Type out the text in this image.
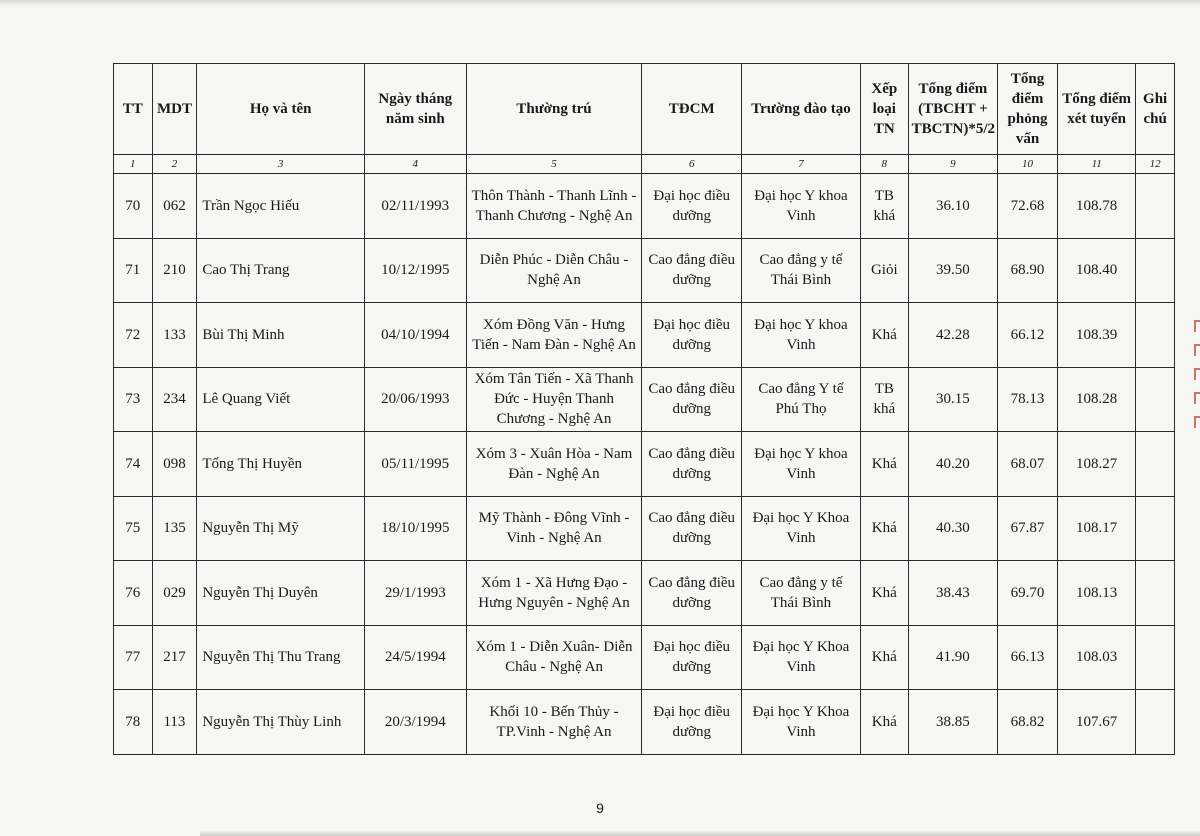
TT	MDT	Họ và tên	Ngày tháng năm sinh	Thường trú	TĐCM	Trường đào tạo	Xếp loại TN	Tổng điểm (TBCHT + TBCTN)*5/2	Tổng điểm phỏng vấn	Tổng điểm xét tuyển	Ghi chú
1	2	3	4	5	6	7	8	9	10	11	12
70	062	Trần Ngọc Hiếu	02/11/1993	Thôn Thành - Thanh Lĩnh - Thanh Chương - Nghệ An	Đại học điều dưỡng	Đại học Y khoa Vinh	TB khá	36.10	72.68	108.78	
71	210	Cao Thị Trang	10/12/1995	Diễn Phúc - Diễn Châu - Nghệ An	Cao đẳng điều dưỡng	Cao đẳng y tế Thái Bình	Giỏi	39.50	68.90	108.40	
72	133	Bùi Thị Minh	04/10/1994	Xóm Đồng Văn - Hưng Tiến - Nam Đàn - Nghệ An	Đại học điều dưỡng	Đại học Y khoa Vinh	Khá	42.28	66.12	108.39	
73	234	Lê Quang Viết	20/06/1993	Xóm Tân Tiến - Xã Thanh Đức - Huyện Thanh Chương - Nghệ An	Cao đẳng điều dưỡng	Cao đẳng Y tế Phú Thọ	TB khá	30.15	78.13	108.28	
74	098	Tống Thị Huyền	05/11/1995	Xóm 3 - Xuân Hòa - Nam Đàn - Nghệ An	Cao đẳng điều dưỡng	Đại học Y khoa Vinh	Khá	40.20	68.07	108.27	
75	135	Nguyễn Thị Mỹ	18/10/1995	Mỹ Thành - Đông Vĩnh - Vinh - Nghệ An	Cao đẳng điều dưỡng	Đại học Y Khoa Vinh	Khá	40.30	67.87	108.17	
76	029	Nguyễn Thị Duyên	29/1/1993	Xóm 1 - Xã Hưng Đạo - Hưng Nguyên - Nghệ An	Cao đẳng điều dưỡng	Cao đẳng y tế Thái Bình	Khá	38.43	69.70	108.13	
77	217	Nguyễn Thị Thu Trang	24/5/1994	Xóm 1 - Diễn Xuân- Diễn Châu - Nghệ An	Đại học điều dưỡng	Đại học Y Khoa Vinh	Khá	41.90	66.13	108.03	
78	113	Nguyễn Thị Thùy Linh	20/3/1994	Khối 10 - Bến Thủy - TP.Vinh - Nghệ An	Đại học điều dưỡng	Đại học Y Khoa Vinh	Khá	38.85	68.82	107.67	
9
